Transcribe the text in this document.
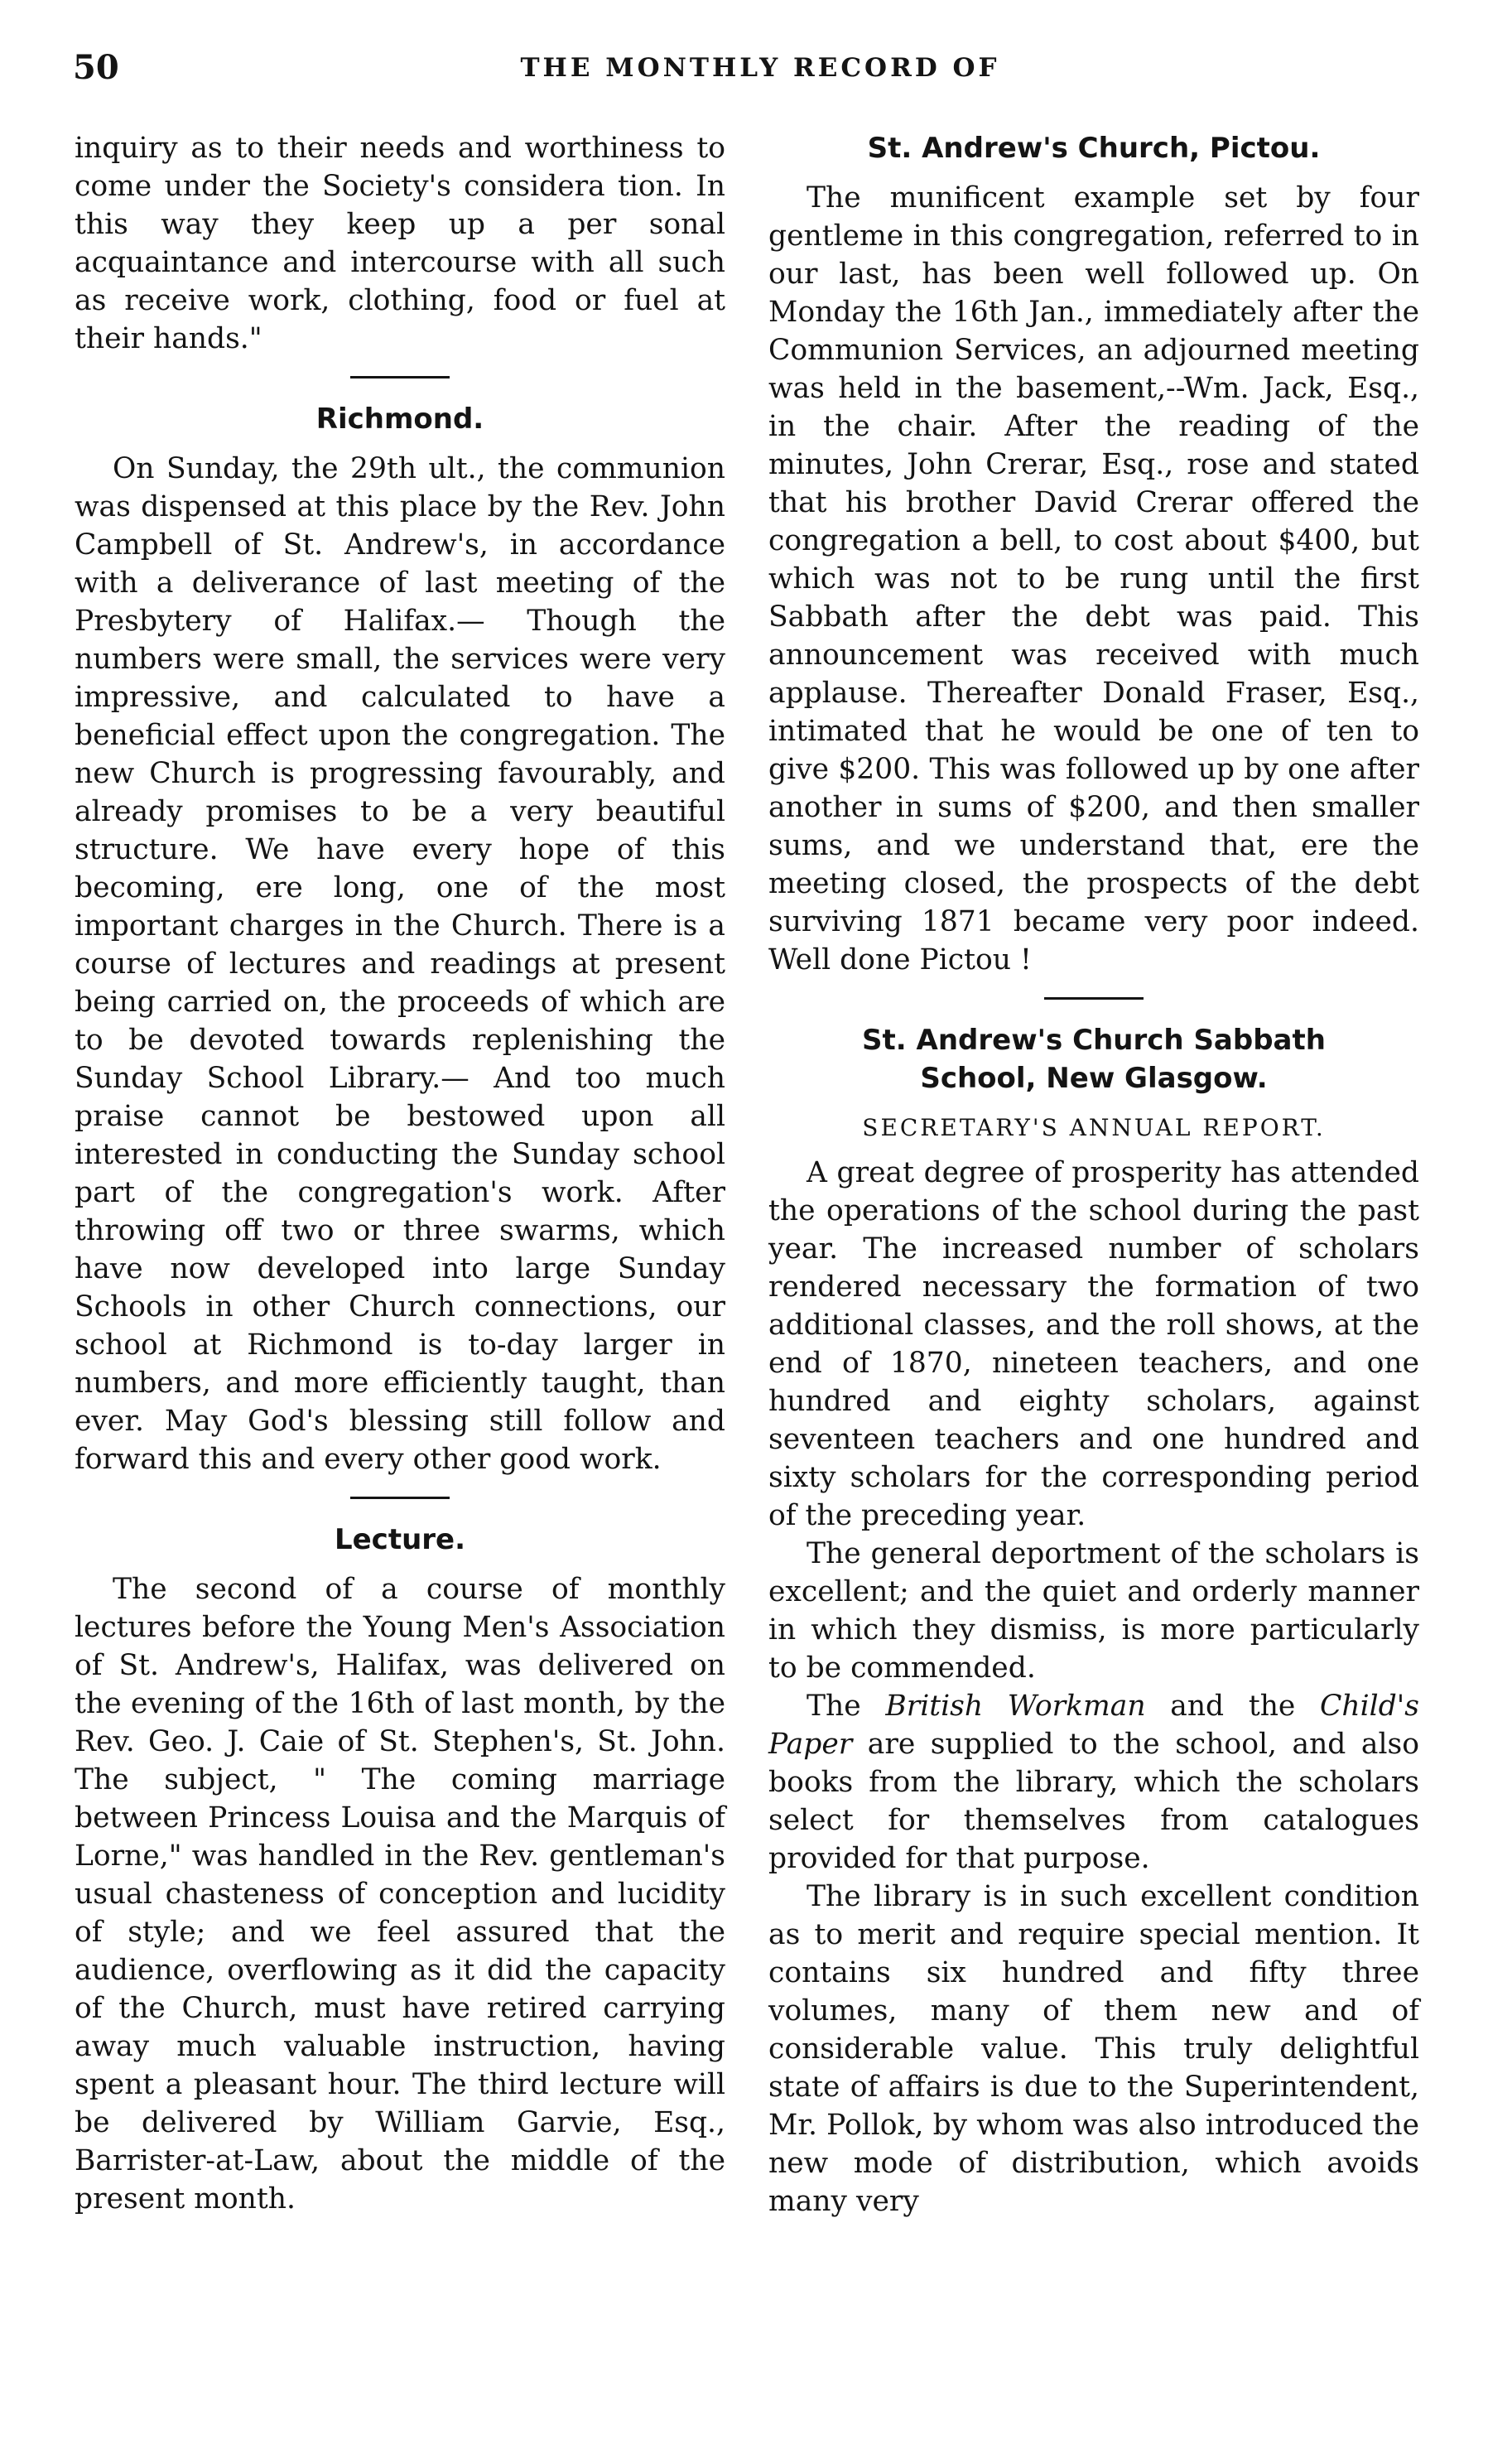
50	THE MONTHLY RECORD OF

inquiry as to their needs and worthiness to come under the Society's considera tion. In this way they keep up a per sonal acquaintance and intercourse with all such as receive work, clothing, food or fuel at their hands."

Richmond.

On Sunday, the 29th ult., the communion was dispensed at this place by the Rev. John Campbell of St. Andrew's, in accordance with a deliverance of last meeting of the Presbytery of Halifax.— Though the numbers were small, the services were very impressive, and calculated to have a beneficial effect upon the congregation. The new Church is progressing favourably, and already promises to be a very beautiful structure. We have every hope of this becoming, ere long, one of the most important charges in the Church. There is a course of lectures and readings at present being carried on, the proceeds of which are to be devoted towards replenishing the Sunday School Library.— And too much praise cannot be bestowed upon all interested in conducting the Sunday school part of the congregation's work. After throwing off two or three swarms, which have now developed into large Sunday Schools in other Church connections, our school at Richmond is to-day larger in numbers, and more efficiently taught, than ever. May God's blessing still follow and forward this and every other good work.

Lecture.

The second of a course of monthly lectures before the Young Men's Association of St. Andrew's, Halifax, was delivered on the evening of the 16th of last month, by the Rev. Geo. J. Caie of St. Stephen's, St. John. The subject, " The coming marriage between Princess Louisa and the Marquis of Lorne," was handled in the Rev. gentleman's usual chasteness of conception and lucidity of style; and we feel assured that the audience, overflowing as it did the capacity of the Church, must have retired carrying away much valuable instruction, having spent a pleasant hour. The third lecture will be delivered by William Garvie, Esq., Barrister-at-Law, about the middle of the present month.

St. Andrew's Church, Pictou.

The munificent example set by four gentleme in this congregation, referred to in our last, has been well followed up. On Monday the 16th Jan., immediately after the Communion Services, an adjourned meeting was held in the basement,--Wm. Jack, Esq., in the chair. After the reading of the minutes, John Crerar, Esq., rose and stated that his brother David Crerar offered the congregation a bell, to cost about $400, but which was not to be rung until the first Sabbath after the debt was paid. This announcement was received with much applause. Thereafter Donald Fraser, Esq., intimated that he would be one of ten to give $200. This was followed up by one after another in sums of $200, and then smaller sums, and we understand that, ere the meeting closed, the prospects of the debt surviving 1871 became very poor indeed. Well done Pictou !

St. Andrew's Church Sabbath
School, New Glasgow.
SECRETARY'S ANNUAL REPORT.

A great degree of prosperity has attended the operations of the school during the past year. The increased number of scholars rendered necessary the formation of two additional classes, and the roll shows, at the end of 1870, nineteen teachers, and one hundred and eighty scholars, against seventeen teachers and one hundred and sixty scholars for the corresponding period of the preceding year.

The general deportment of the scholars is excellent; and the quiet and orderly manner in which they dismiss, is more particularly to be commended.

The British Workman and the Child's Paper are supplied to the school, and also books from the library, which the scholars select for themselves from catalogues provided for that purpose.

The library is in such excellent condition as to merit and require special mention. It contains six hundred and fifty three volumes, many of them new and of considerable value. This truly delightful state of affairs is due to the Superintendent, Mr. Pollok, by whom was also introduced the new mode of distribution, which avoids many very
